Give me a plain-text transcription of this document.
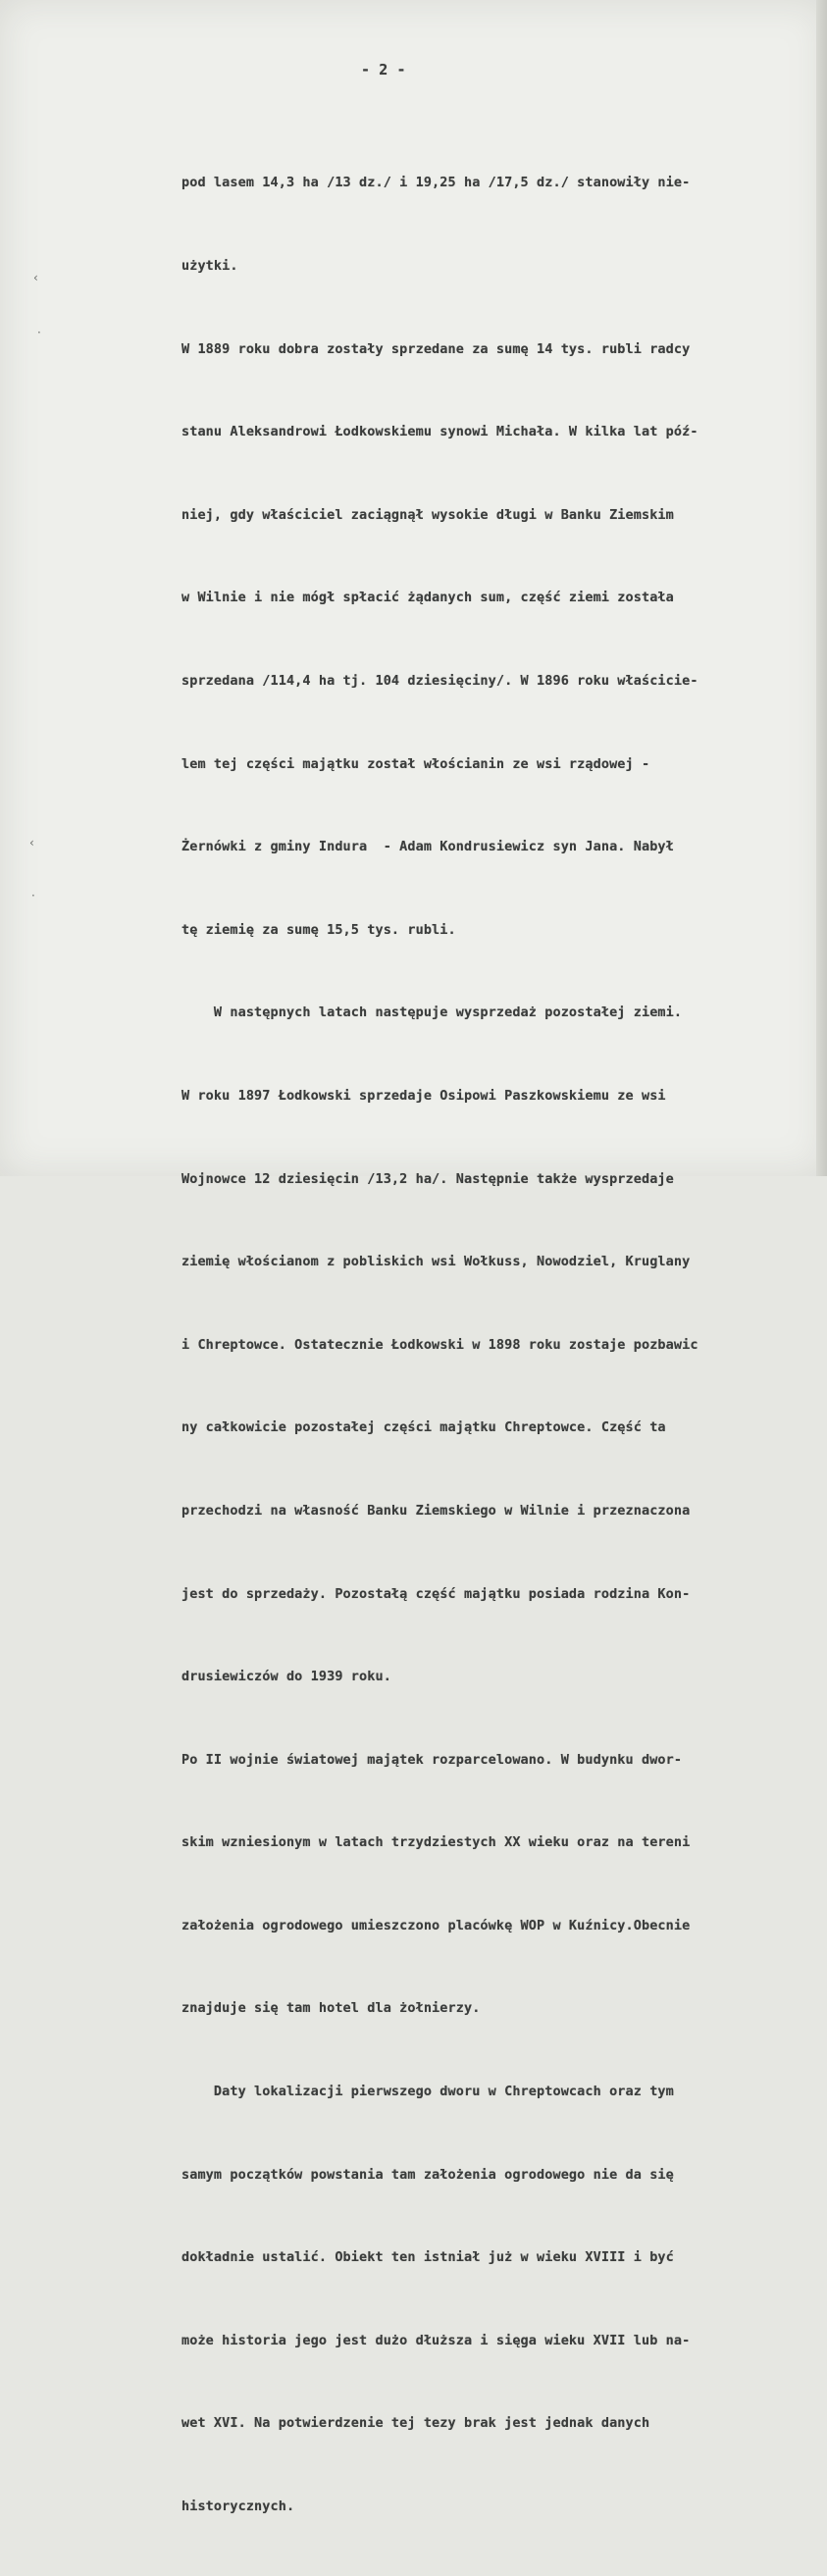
- 2 -

pod lasem 14,3 ha /13 dz./ i 19,25 ha /17,5 dz./ stanowiły nie-

użytki.

W 1889 roku dobra zostały sprzedane za sumę 14 tys. rubli radcy

stanu Aleksandrowi Łodkowskiemu synowi Michała. W kilka lat póź-

niej, gdy właściciel zaciągnął wysokie długi w Banku Ziemskim

w Wilnie i nie mógł spłacić żądanych sum, część ziemi została

sprzedana /114,4 ha tj. 104 dziesięciny/. W 1896 roku właściciе-

lem tej części majątku został włościanin ze wsi rządowej -

Żernówki z gminy Indura  - Adam Kondrusiewicz syn Jana. Nabył

tę ziemię za sumę 15,5 tys. rubli.

W następnych latach następuje wysprzedaż pozostałej ziemi.

W roku 1897 Łodkowski sprzedaje Osipowi Paszkowskiemu ze wsi

Wojnowce 12 dziesięcin /13,2 ha/. Następnie także wysprzedaje

ziemię włościanom z pobliskich wsi Wołkuss, Nowodziel, Kruglany

i Chreptowce. Ostatecznie Łodkowski w 1898 roku zostaje pozbawic

ny całkowicie pozostałej części majątku Chreptowce. Część ta

przechodzi na własność Banku Ziemskiego w Wilnie i przeznaczona

jest do sprzedaży. Pozostałą część majątku posiada rodzina Kon-

drusiewiczów do 1939 roku.

Po II wojnie światowej majątek rozparcelowano. W budynku dwor-

skim wzniesionym w latach trzydziestych XX wieku oraz na tereni

założenia ogrodowego umieszczono placówkę WOP w Kuźnicy.Obecnie

znajduje się tam hotel dla żołnierzy.

Daty lokalizacji pierwszego dworu w Chreptowcach oraz tym

samym początków powstania tam założenia ogrodowego nie da się

dokładnie ustalić. Obiekt ten istniał już w wieku XVIII i być

może historia jego jest dużo dłuższa i sięga wieku XVII lub na-

wet XVI. Na potwierdzenie tej tezy brak jest jednak danych

historycznych.

‹
·
‹
·
